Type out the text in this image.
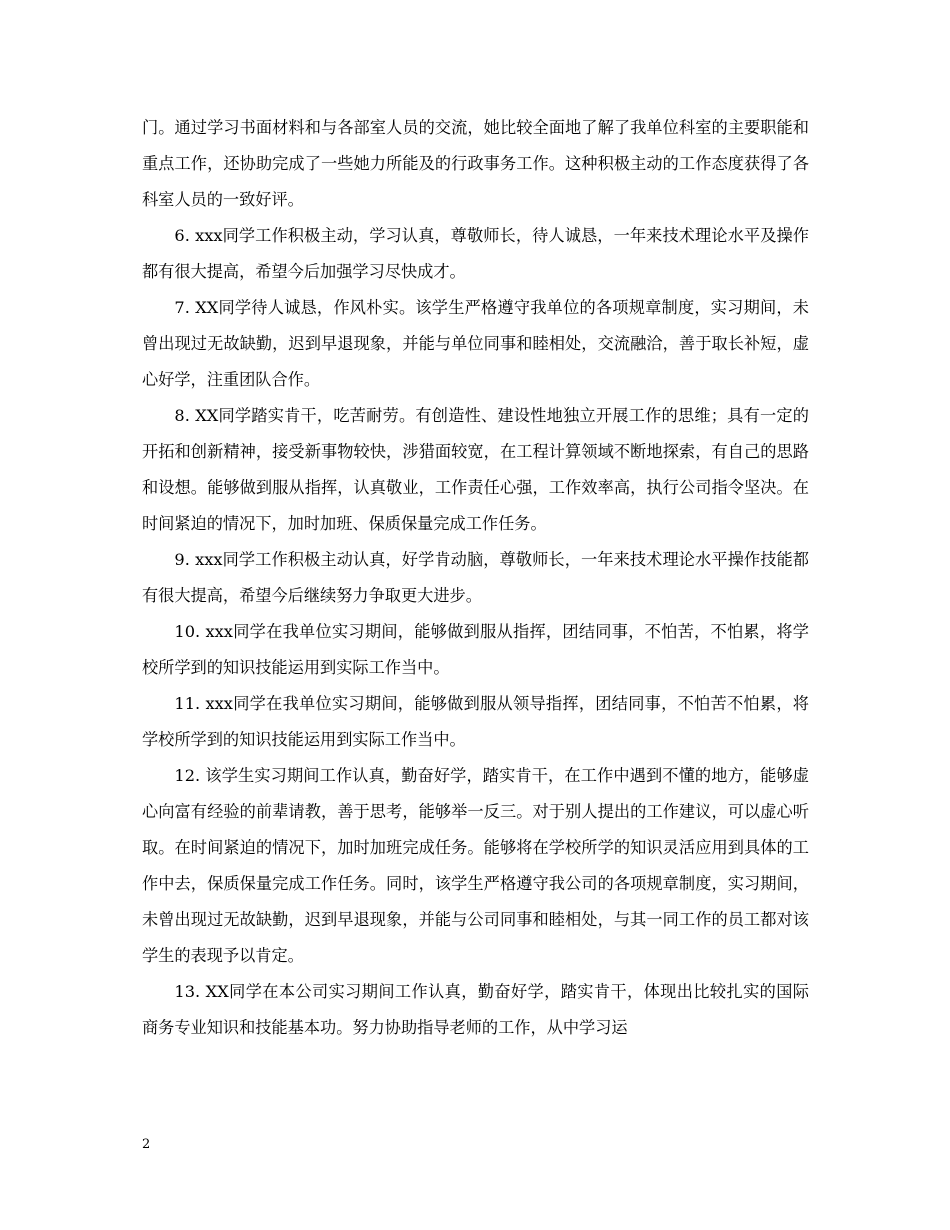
门。通过学习书面材料和与各部室人员的交流，她比较全面地了解了我单位科室的主要职能和重点工作，还协助完成了一些她力所能及的行政事务工作。这种积极主动的工作态度获得了各科室人员的一致好评。

6. xxx同学工作积极主动，学习认真，尊敬师长，待人诚恳，一年来技术理论水平及操作都有很大提高，希望今后加强学习尽快成才。

7. XX同学待人诚恳，作风朴实。该学生严格遵守我单位的各项规章制度，实习期间，未曾出现过无故缺勤，迟到早退现象，并能与单位同事和睦相处，交流融洽，善于取长补短，虚心好学，注重团队合作。

8. XX同学踏实肯干，吃苦耐劳。有创造性、建设性地独立开展工作的思维；具有一定的开拓和创新精神，接受新事物较快，涉猎面较宽，在工程计算领域不断地探索，有自己的思路和设想。能够做到服从指挥，认真敬业，工作责任心强，工作效率高，执行公司指令坚决。在时间紧迫的情况下，加时加班、保质保量完成工作任务。

9. xxx同学工作积极主动认真，好学肯动脑，尊敬师长，一年来技术理论水平操作技能都有很大提高，希望今后继续努力争取更大进步。

10. xxx同学在我单位实习期间，能够做到服从指挥，团结同事，不怕苦，不怕累，将学校所学到的知识技能运用到实际工作当中。

11. xxx同学在我单位实习期间，能够做到服从领导指挥，团结同事，不怕苦不怕累，将学校所学到的知识技能运用到实际工作当中。

12. 该学生实习期间工作认真，勤奋好学，踏实肯干，在工作中遇到不懂的地方，能够虚心向富有经验的前辈请教，善于思考，能够举一反三。对于别人提出的工作建议，可以虚心听取。在时间紧迫的情况下，加时加班完成任务。能够将在学校所学的知识灵活应用到具体的工作中去，保质保量完成工作任务。同时，该学生严格遵守我公司的各项规章制度，实习期间，未曾出现过无故缺勤，迟到早退现象，并能与公司同事和睦相处，与其一同工作的员工都对该学生的表现予以肯定。

13. XX同学在本公司实习期间工作认真，勤奋好学，踏实肯干，体现出比较扎实的国际商务专业知识和技能基本功。努力协助指导老师的工作，从中学习运

2
